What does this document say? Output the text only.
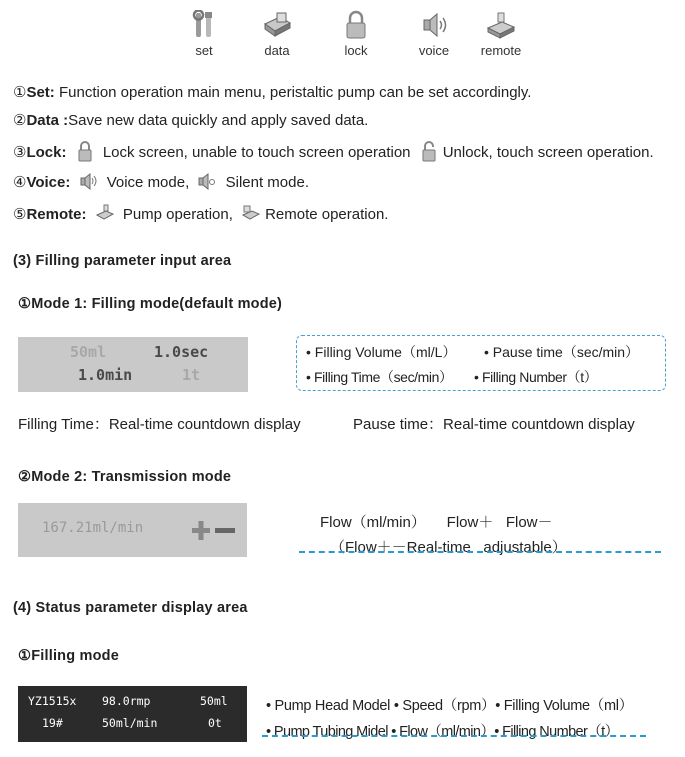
set	data	lock	voice	remote
①Set: Function operation main menu, peristaltic pump can be set accordingly.
②Data :Save new data quickly and apply saved data.
③Lock: Lock screen, unable to touch screen operation Unlock, touch screen operation.
④Voice: Voice mode, Silent mode.
⑤Remote: Pump operation, Remote operation.
(3) Filling parameter input area
①Mode 1: Filling mode(default mode)
50ml	1.0sec
1.0min	1t
• Filling Volume（ml/L） • Pause time（sec/min）
• Filling Time（sec/min） • Filling Number（t）
Filling Time：Real-time countdown display	Pause time：Real-time countdown display
②Mode 2: Transmission mode
167.21ml/min	Flow（ml/min）     Flow＋   Flow－
（Flow＋－Real-time   adjustable）
(4) Status parameter display area
①Filling mode
YZ1515x 98.0rmp	50ml
19#	50ml/min	0t
• Pump Head Model • Speed（rpm）• Filling Volume（ml）
• Pump Tubing Midel • Flow（ml/min）• Filling Number（t）
